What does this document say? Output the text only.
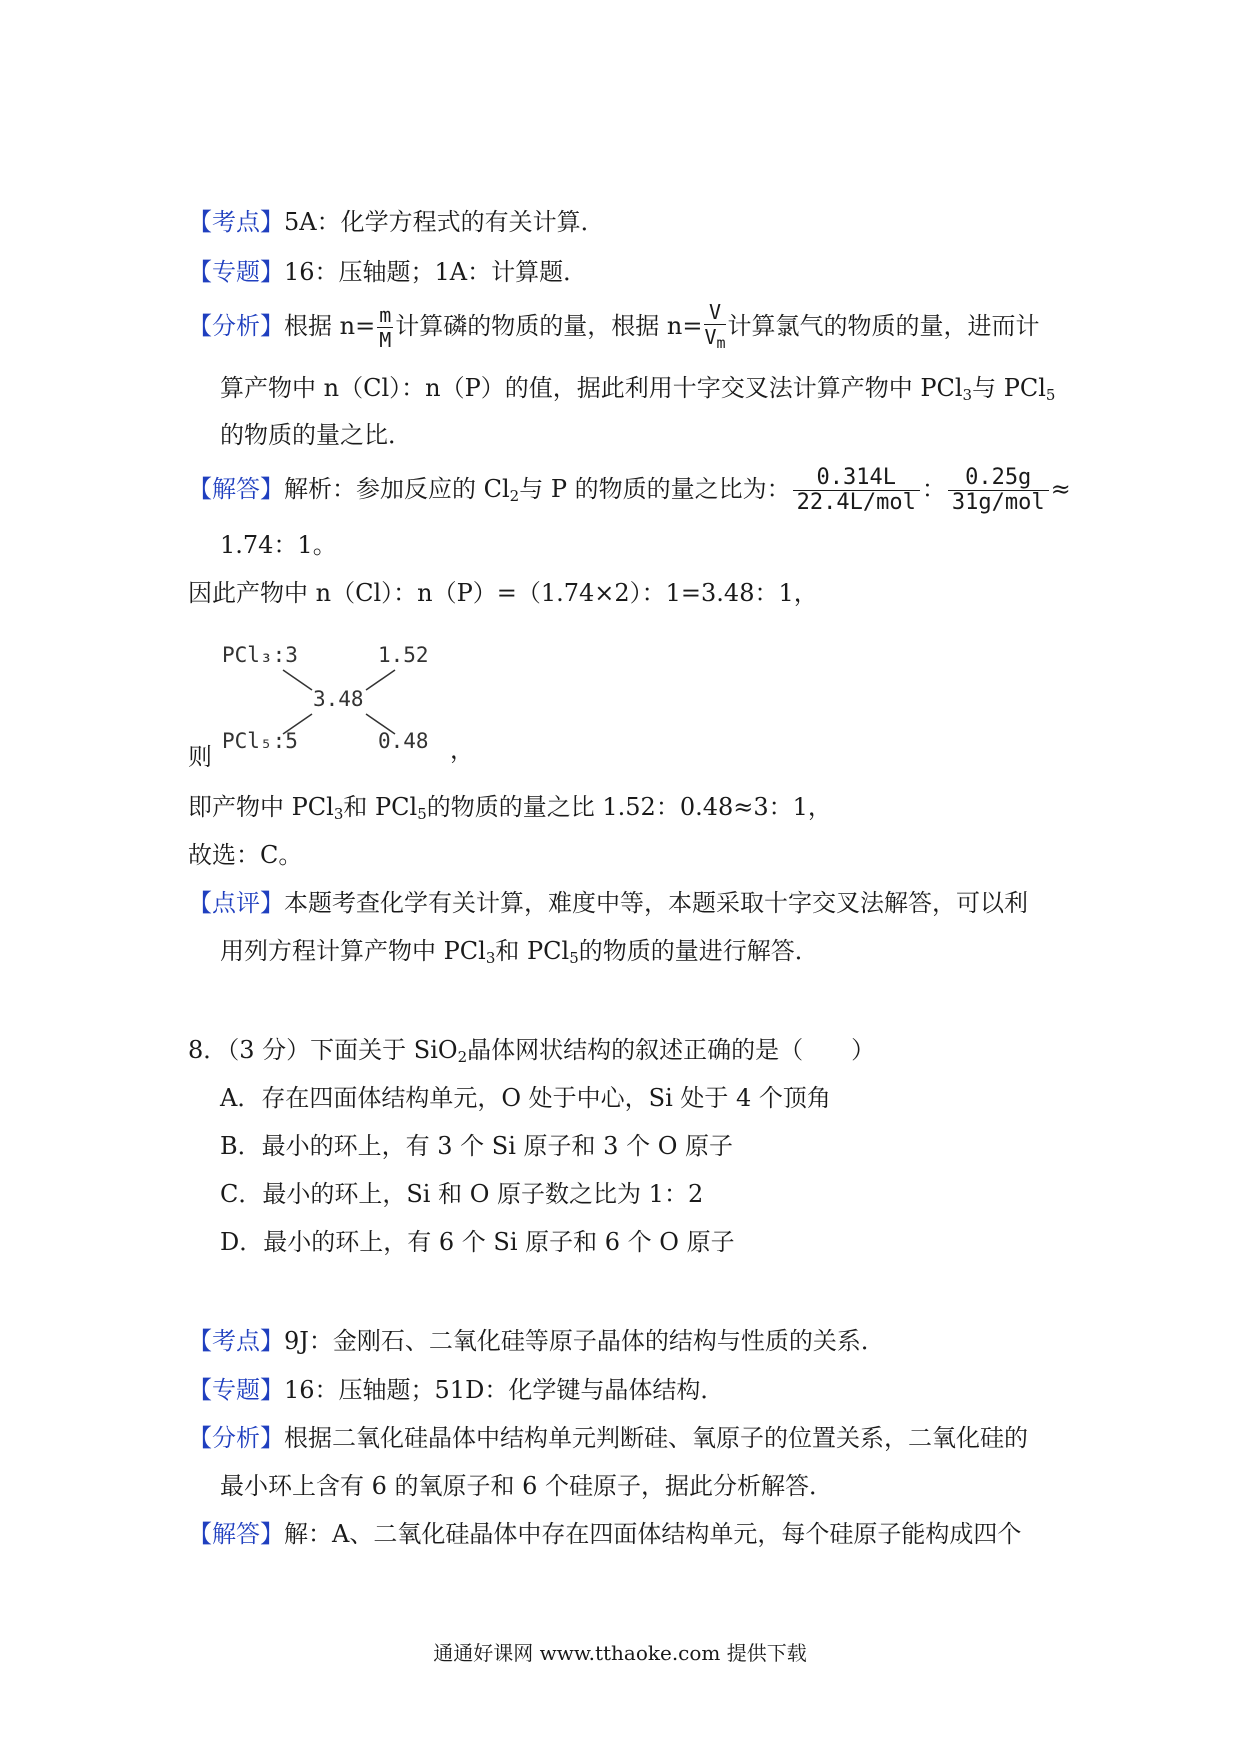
【考点】5A：化学方程式的有关计算．
【专题】16：压轴题；1A：计算题．
【分析】根据 $n= \frac{m}{M}$ 计算磷的物质的量，根据 $n= \frac{V}{V_m}$ 计算氯气的物质的量，进而计
算产物中 n（Cl）：n（P）的值，据此利用十字交叉法计算产物中 PCl$_3$与 PCl$_5$
的物质的量之比．
【解答】解析：参加反应的 $Cl_2$与 P 的物质的量之比为： $\frac{0.314L}{\text{22.4L/mol}}$ ： $\frac{0.25g}{\text{31g/mol}}$ ≈
1.74：1。
因此产物中 n（Cl）：n（P）=（1.74×2）：1=3.48：1，
PCl₃:3	1.52
3.48
PCl₅:5	0.48
则	，
即产物中 PCl$_3$和 PCl$_5$的物质的量之比 1.52：0.48≈3：1，
故选：C。
【点评】本题考查化学有关计算，难度中等，本题采取十字交叉法解答，可以利
用列方程计算产物中 PCl$_3$和 PCl$_5$的物质的量进行解答．
8．（3 分）下面关于 SiO$_2$晶体网状结构的叙述正确的是（　　）
A．存在四面体结构单元，O 处于中心，Si 处于 4 个顶角
B．最小的环上，有 3 个 Si 原子和 3 个 O 原子
C．最小的环上，Si 和 O 原子数之比为 1：2
D．最小的环上，有 6 个 Si 原子和 6 个 O 原子
【考点】9J：金刚石、二氧化硅等原子晶体的结构与性质的关系．
【专题】16：压轴题；51D：化学键与晶体结构．
【分析】根据二氧化硅晶体中结构单元判断硅、氧原子的位置关系，二氧化硅的
最小环上含有 6 的氧原子和 6 个硅原子，据此分析解答．
【解答】解：A、二氧化硅晶体中存在四面体结构单元，每个硅原子能构成四个
通通好课网 www.tthaoke.com 提供下载
